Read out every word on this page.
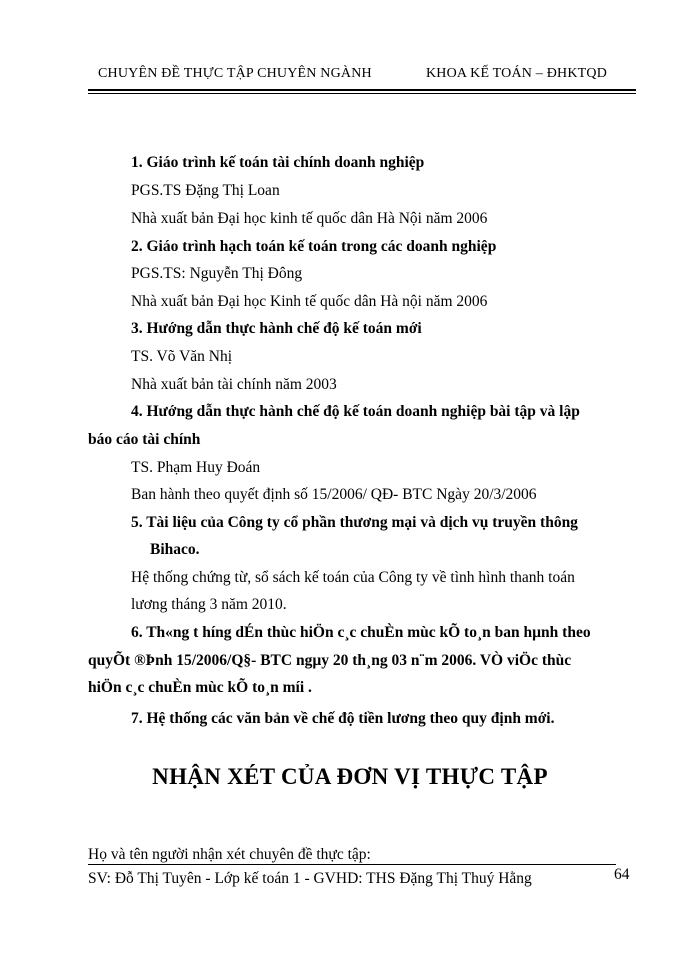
CHUYÊN ĐỀ THỰC TẬP CHUYÊN NGÀNH	KHOA KẾ TOÁN – ĐHKTQD
1. Giáo trình kế toán tài chính doanh nghiệp
PGS.TS Đặng Thị Loan
Nhà xuất bản Đại học kinh tế quốc dân Hà Nội năm 2006
2. Giáo trình hạch toán kế toán trong các doanh nghiệp
PGS.TS: Nguyễn Thị Đông
Nhà xuất bản Đại học Kinh tế quốc dân Hà nội năm 2006
3. Hướng dẫn thực hành chế độ kế toán mới
TS. Võ Văn Nhị
Nhà xuất bản tài chính năm 2003
4. Hướng dẫn thực hành chế độ kế toán doanh nghiệp bài tập và lập
báo cáo tài chính
TS. Phạm Huy Đoán
Ban hành theo quyết định số 15/2006/ QĐ- BTC Ngày 20/3/2006
5. Tài liệu của Công ty cổ phần thương mại và dịch vụ truyền thông
Bihaco.
Hệ thống chứng từ, sổ sách kế toán của Công ty về tình hình thanh toán
lương tháng 3 năm 2010.
6. Th«ng t híng dÉn thùc hiÖn c¸c chuÈn mùc kÕ to¸n ban hµnh theo
quyÕt ®Þnh 15/2006/Q§- BTC ngµy 20 th¸ng 03 n¨m 2006. VÒ viÖc thùc
hiÖn c¸c chuÈn mùc kÕ to¸n míi .
7. Hệ thống các văn bản về chế độ tiền lương theo quy định mới.
NHẬN XÉT CỦA ĐƠN VỊ THỰC TẬP
Họ và tên người nhận xét chuyên đề thực tập:
SV: Đỗ Thị Tuyên - Lớp kế toán 1 - GVHD: THS Đặng Thị Thuý Hằng	64
